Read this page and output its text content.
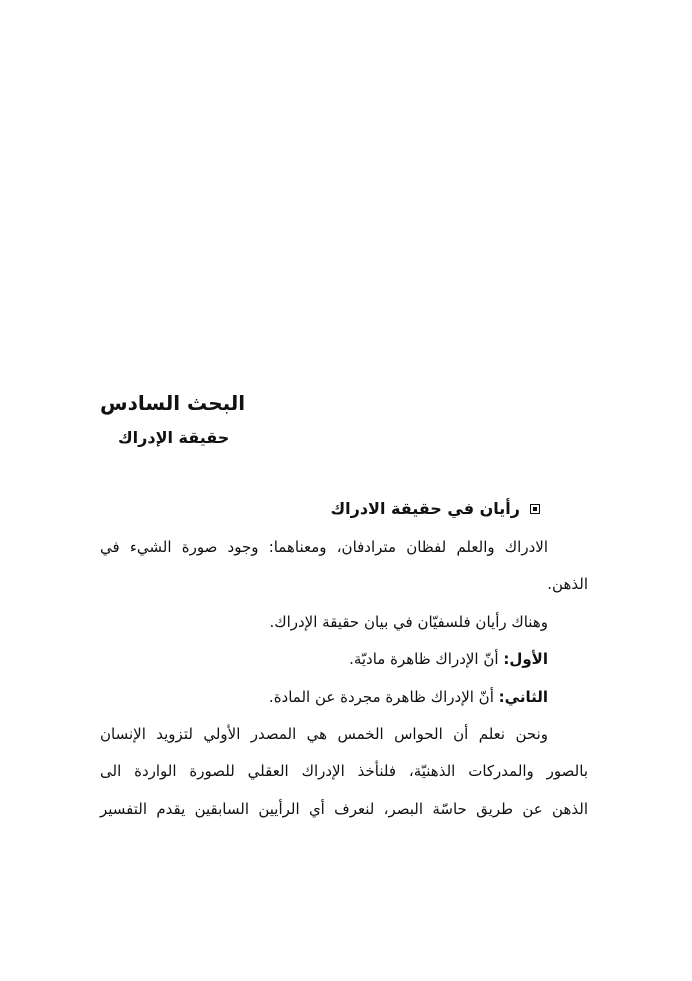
البحث السادس
حقيقة الإدراك
رأيان في حقيقة الادراك
الادراك والعلم لفظان مترادفان، ومعناهما: وجود صورة الشيء في
الذهن.
وهناك رأيان فلسفيّان في بيان حقيقة الإدراك.
الأول: أنّ الإدراك ظاهرة ماديّة.
الثاني: أنّ الإدراك ظاهرة مجردة عن المادة.
ونحن نعلم أن الحواس الخمس هي المصدر الأولي لتزويد الإنسان
بالصور والمدركات الذهنيّة، فلنأخذ الإدراك العقلي للصورة الواردة الى
الذهن عن طريق حاسّة البصر، لنعرف أي الرأيين السابقين يقدم التفسير
